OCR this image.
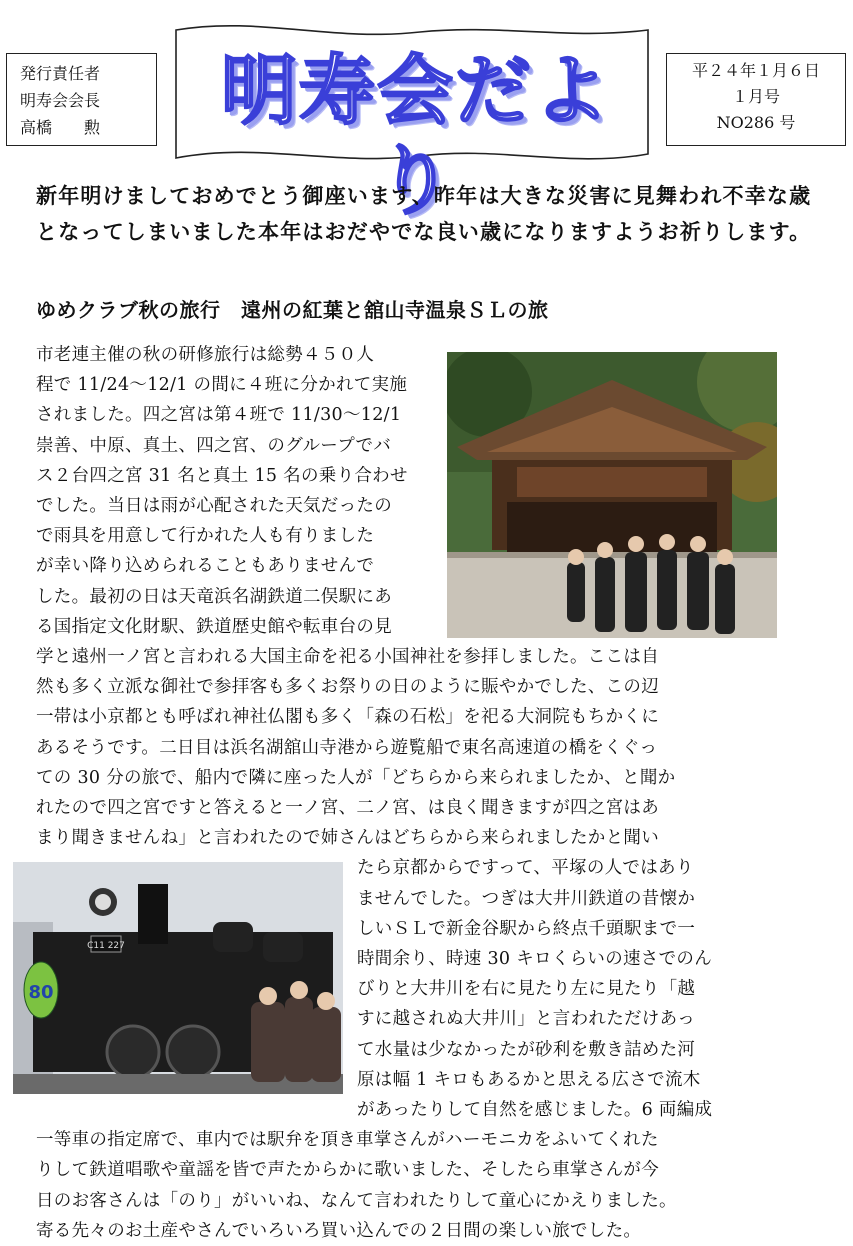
発行責任者
明寿会会長
高橋　　勲	明寿会だより
平２４年１月６日
１月号
NO286 号
新年明けましておめでとう御座います、昨年は大きな災害に見舞われ不幸な歳となってしまいました本年はおだやでな良い歳になりますようお祈りします。
ゆめクラブ秋の旅行　遠州の紅葉と舘山寺温泉ＳＬの旅
C11 227
80
市老連主催の秋の研修旅行は総勢４５０人
程で 11/24～12/1 の間に４班に分かれて実施
されました。四之宮は第４班で 11/30～12/1
崇善、中原、真土、四之宮、のグループでバ
ス２台四之宮 31 名と真土 15 名の乗り合わせ
でした。当日は雨が心配された天気だったの
で雨具を用意して行かれた人も有りました
が幸い降り込められることもありませんで
した。最初の日は天竜浜名湖鉄道二俣駅にあ
る国指定文化財駅、鉄道歴史館や転車台の見
学と遠州一ノ宮と言われる大国主命を祀る小国神社を参拝しました。ここは自
然も多く立派な御社で参拝客も多くお祭りの日のように賑やかでした、この辺
一帯は小京都とも呼ばれ神社仏閣も多く「森の石松」を祀る大洞院もちかくに
あるそうです。二日目は浜名湖舘山寺港から遊覧船で東名高速道の橋をくぐっ
ての 30 分の旅で、船内で隣に座った人が「どちらから来られましたか、と聞か
れたので四之宮ですと答えると一ノ宮、二ノ宮、は良く聞きますが四之宮はあ
まり聞きませんね」と言われたので姉さんはどちらから来られましたかと聞い
たら京都からですって、平塚の人ではあり
ませんでした。つぎは大井川鉄道の昔懐か
しいＳＬで新金谷駅から終点千頭駅まで一
時間余り、時速 30 キロくらいの速さでのん
びりと大井川を右に見たり左に見たり「越
すに越されぬ大井川」と言われただけあっ
て水量は少なかったが砂利を敷き詰めた河
原は幅 1 キロもあるかと思える広さで流木
があったりして自然を感じました。6 両編成
一等車の指定席で、車内では駅弁を頂き車掌さんがハーモニカをふいてくれた
りして鉄道唱歌や童謡を皆で声たからかに歌いました、そしたら車掌さんが今
日のお客さんは「のり」がいいね、なんて言われたりして童心にかえりました。
寄る先々のお土産やさんでいろいろ買い込んでの２日間の楽しい旅でした。
